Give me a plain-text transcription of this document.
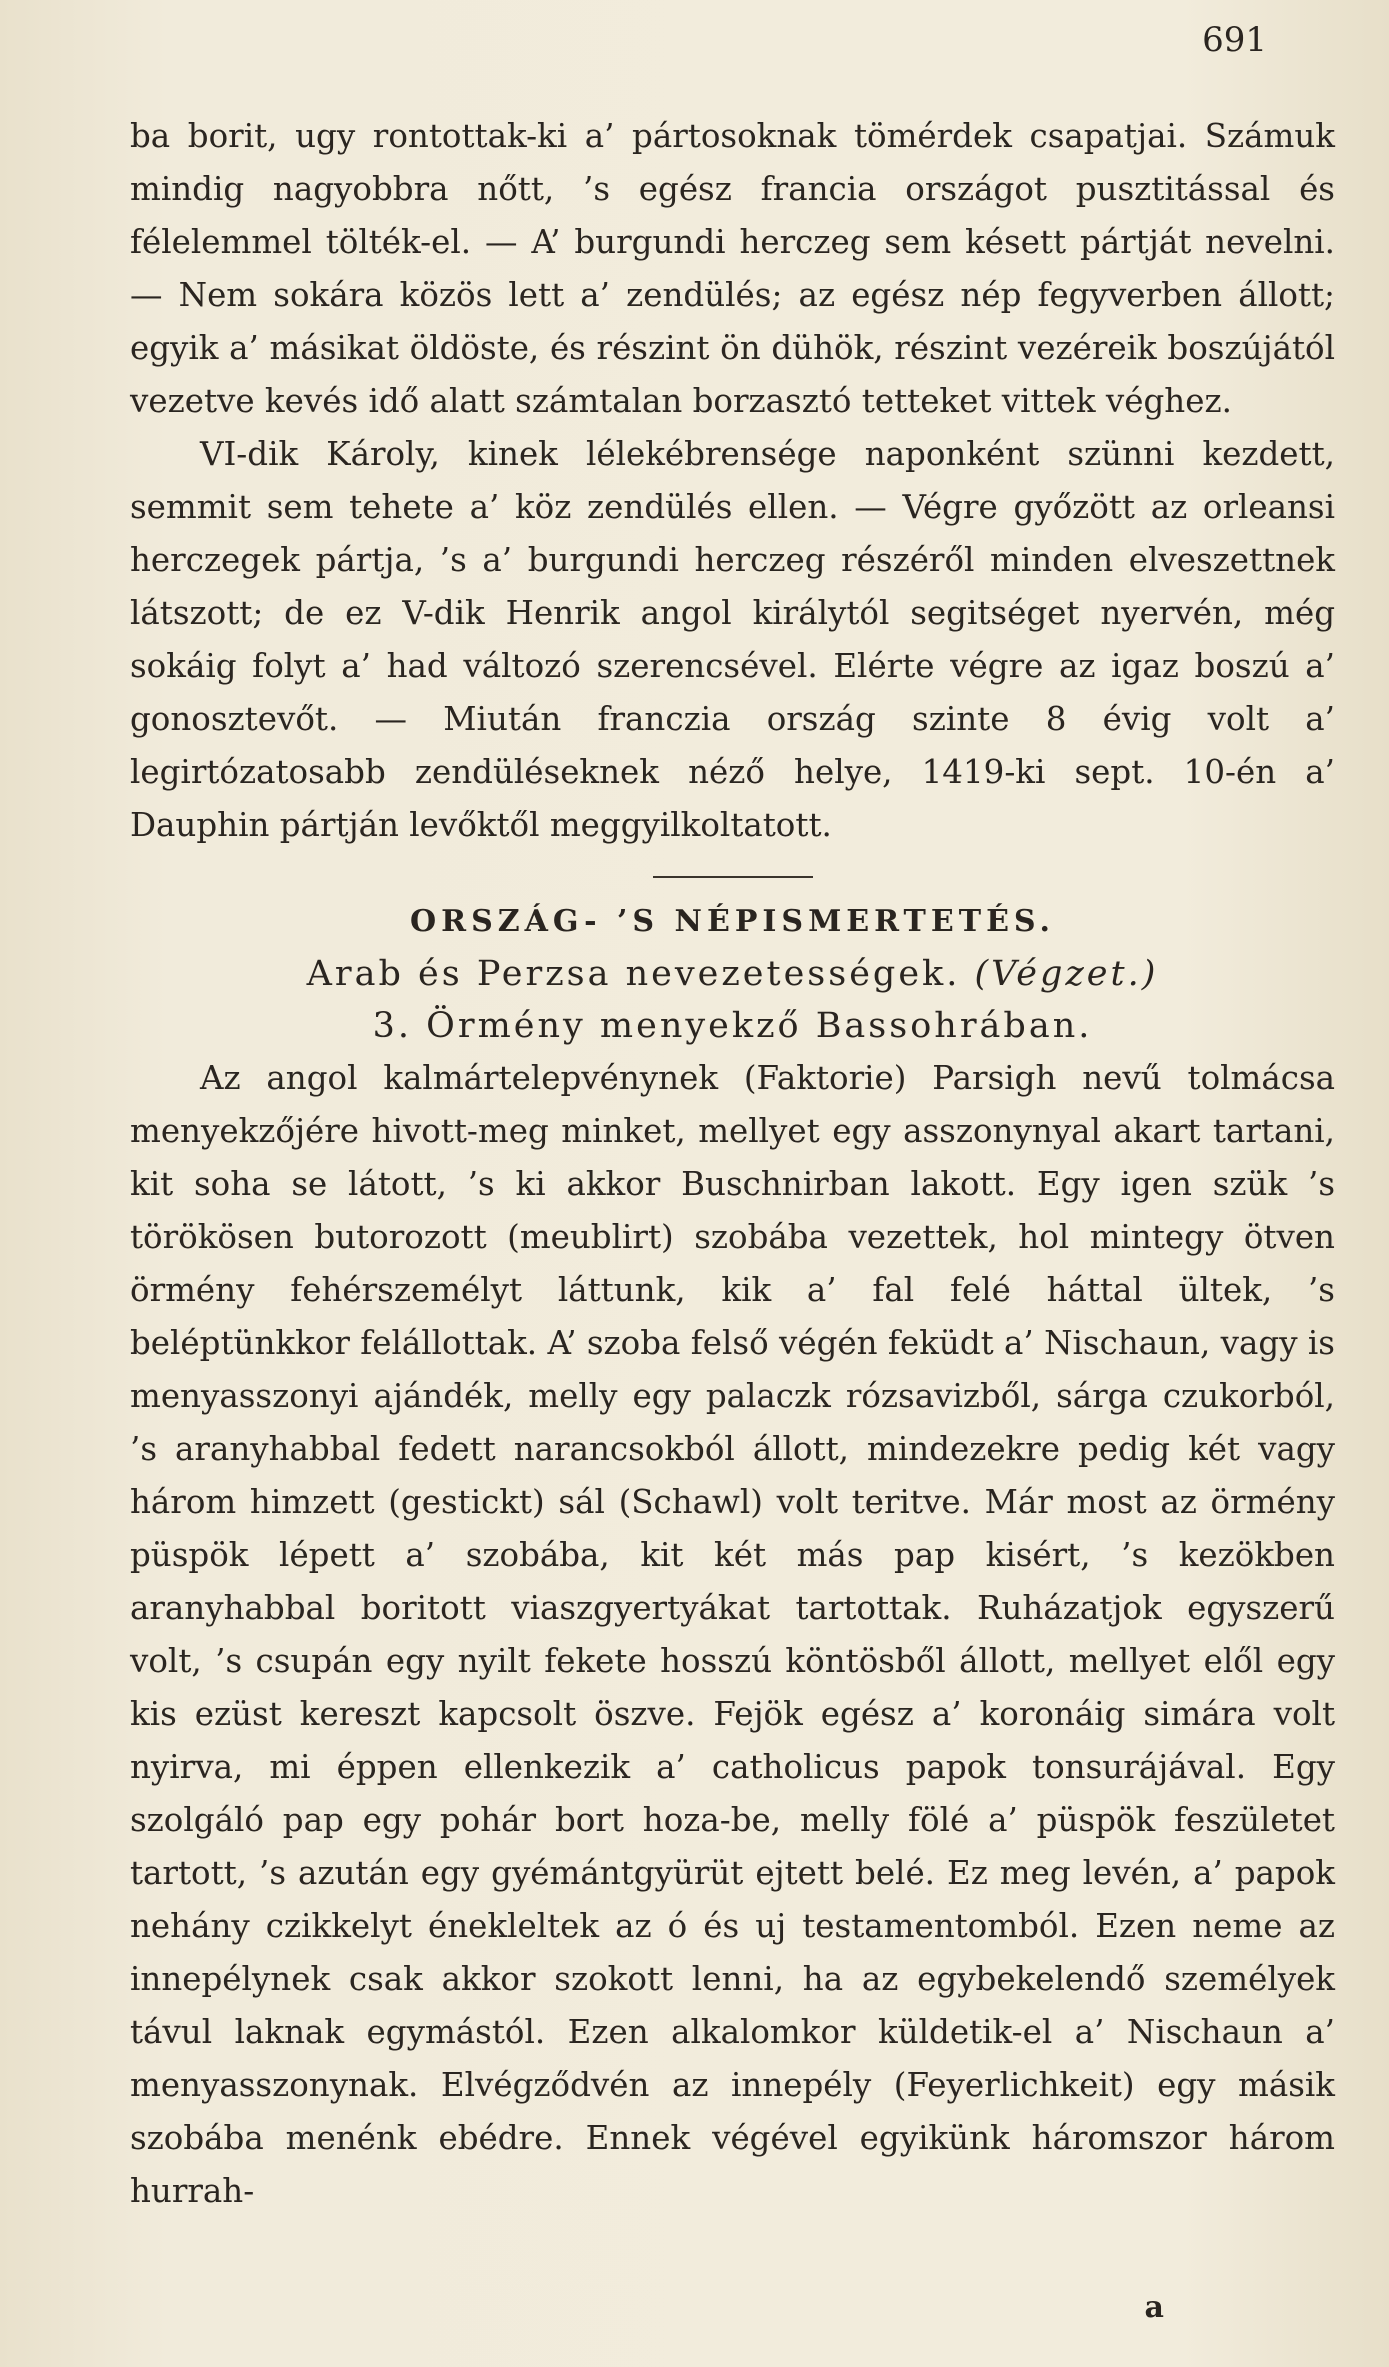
691

ba borit, ugy rontottak-ki a’ pártosoknak tömérdek csapatjai. Számuk mindig nagyobbra nőtt, ’s egész francia országot pusztitással és félelemmel tölték-el. — A’ burgundi herczeg sem késett pártját nevelni. — Nem sokára közös lett a’ zendülés; az egész nép fegyverben állott; egyik a’ másikat öldöste, és részint ön dühök, részint vezéreik boszújától vezetve kevés idő alatt számtalan borzasztó tetteket vittek véghez.

VI-dik Károly, kinek lélekébrensége naponként szünni kezdett, semmit sem tehete a’ köz zendülés ellen. — Végre győzött az orleansi herczegek pártja, ’s a’ burgundi herczeg részéről minden elveszettnek látszott; de ez V-dik Henrik angol királytól segitséget nyervén, még sokáig folyt a’ had változó szerencsével. Elérte végre az igaz boszú a’ gonosztevőt. — Miután franczia ország szinte 8 évig volt a’ legirtózatosabb zendüléseknek néző helye, 1419-ki sept. 10-én a’ Dauphin pártján levőktől meggyilkoltatott.

ORSZÁG- ’S NÉPISMERTETÉS.

Arab és Perzsa nevezetességek. (Végzet.)

3. Örmény menyekző Bassohrában.

Az angol kalmártelepvénynek (Faktorie) Parsigh nevű tolmácsa menyekzőjére hivott-meg minket, mellyet egy asszonynyal akart tartani, kit soha se látott, ’s ki akkor Buschnirban lakott. Egy igen szük ’s törökösen butorozott (meublirt) szobába vezettek, hol mintegy ötven örmény fehérszemélyt láttunk, kik a’ fal felé háttal ültek, ’s beléptünkkor felállottak. A’ szoba felső végén feküdt a’ Nischaun, vagy is menyasszonyi ajándék, melly egy palaczk rózsavizből, sárga czukorból, ’s aranyhabbal fedett narancsokból állott, mindezekre pedig két vagy három himzett (gestickt) sál (Schawl) volt teritve. Már most az örmény püspök lépett a’ szobába, kit két más pap kisért, ’s kezökben aranyhabbal boritott viaszgyertyákat tartottak. Ruházatjok egyszerű volt, ’s csupán egy nyilt fekete hosszú köntösből állott, mellyet elől egy kis ezüst kereszt kapcsolt öszve. Fejök egész a’ koronáig simára volt nyirva, mi éppen ellenkezik a’ catholicus papok tonsurájával. Egy szolgáló pap egy pohár bort hoza-be, melly fölé a’ püspök feszületet tartott, ’s azután egy gyémántgyürüt ejtett belé. Ez meg levén, a’ papok nehány czikkelyt énekleltek az ó és uj testamentomból. Ezen neme az innepélynek csak akkor szokott lenni, ha az egybekelendő személyek távul laknak egymástól. Ezen alkalomkor küldetik-el a’ Nischaun a’ menyasszonynak. Elvégződvén az innepély (Feyerlichkeit) egy másik szobába menénk ebédre. Ennek végével egyikünk háromszor három hurrah-

a
